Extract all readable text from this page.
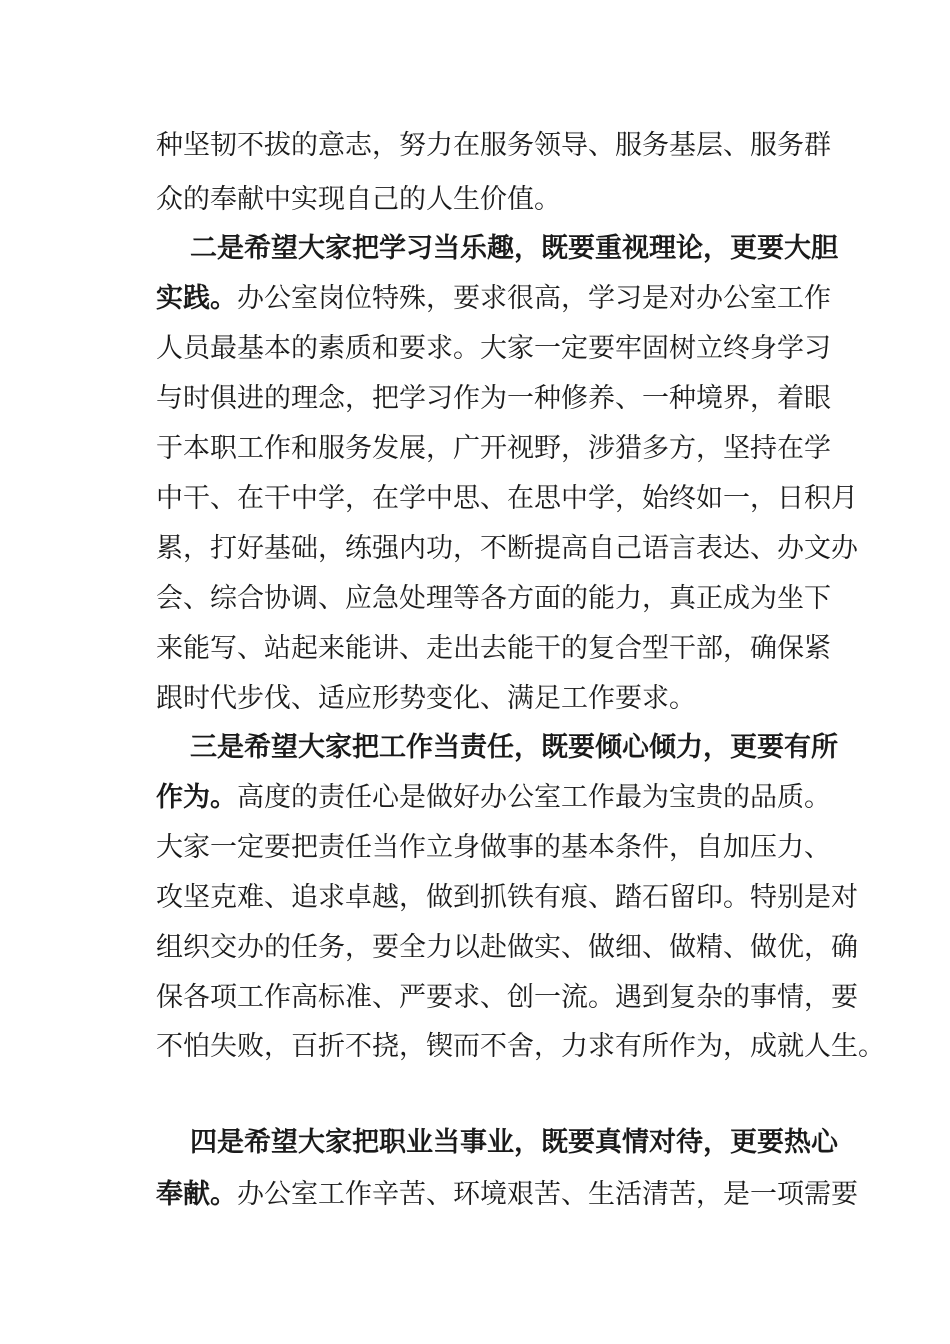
种坚韧不拔的意志，努力在服务领导、服务基层、服务群
众的奉献中实现自己的人生价值。
二是希望大家把学习当乐趣，既要重视理论，更要大胆
实践。办公室岗位特殊，要求很高，学习是对办公室工作
人员最基本的素质和要求。大家一定要牢固树立终身学习
与时俱进的理念，把学习作为一种修养、一种境界，着眼
于本职工作和服务发展，广开视野，涉猎多方，坚持在学
中干、在干中学，在学中思、在思中学，始终如一，日积月
累，打好基础，练强内功，不断提高自己语言表达、办文办
会、综合协调、应急处理等各方面的能力，真正成为坐下
来能写、站起来能讲、走出去能干的复合型干部，确保紧
跟时代步伐、适应形势变化、满足工作要求。
三是希望大家把工作当责任，既要倾心倾力，更要有所
作为。高度的责任心是做好办公室工作最为宝贵的品质。
大家一定要把责任当作立身做事的基本条件，自加压力、
攻坚克难、追求卓越，做到抓铁有痕、踏石留印。特别是对
组织交办的任务，要全力以赴做实、做细、做精、做优，确
保各项工作高标准、严要求、创一流。遇到复杂的事情，要
不怕失败，百折不挠，锲而不舍，力求有所作为，成就人生。
四是希望大家把职业当事业，既要真情对待，更要热心
奉献。办公室工作辛苦、环境艰苦、生活清苦，是一项需要
